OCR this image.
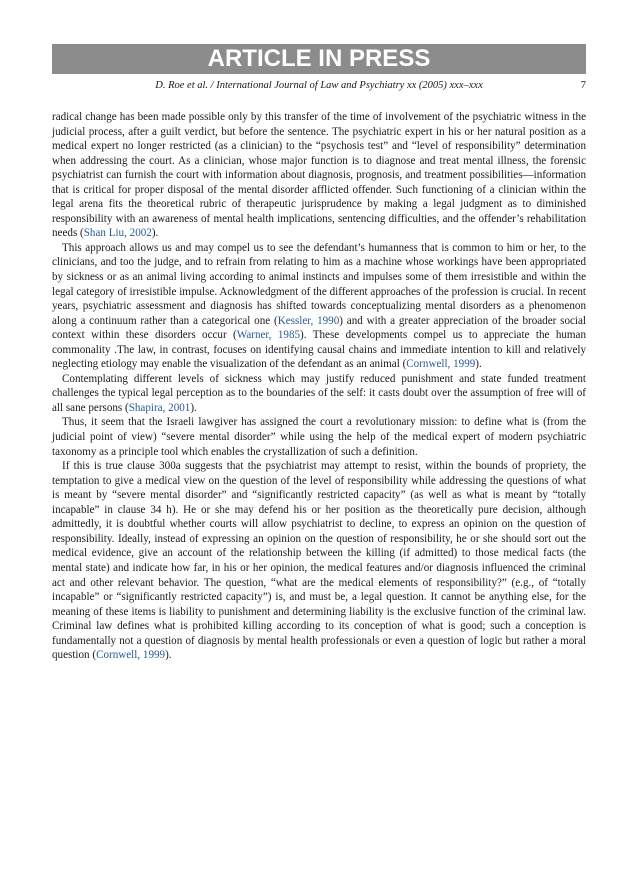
ARTICLE IN PRESS
D. Roe et al. / International Journal of Law and Psychiatry xx (2005) xxx–xxx	7

radical change has been made possible only by this transfer of the time of involvement of the psychiatric witness in the judicial process, after a guilt verdict, but before the sentence. The psychiatric expert in his or her natural position as a medical expert no longer restricted (as a clinician) to the “psychosis test” and “level of responsibility” determination when addressing the court. As a clinician, whose major function is to diagnose and treat mental illness, the forensic psychiatrist can furnish the court with information about diagnosis, prognosis, and treatment possibilities—information that is critical for proper disposal of the mental disorder afflicted offender. Such functioning of a clinician within the legal arena fits the theoretical rubric of therapeutic jurisprudence by making a legal judgment as to diminished responsibility with an awareness of mental health implications, sentencing difficulties, and the offender’s rehabilitation needs (Shan Liu, 2002).

This approach allows us and may compel us to see the defendant’s humanness that is common to him or her, to the clinicians, and too the judge, and to refrain from relating to him as a machine whose workings have been appropriated by sickness or as an animal living according to animal instincts and impulses some of them irresistible and within the legal category of irresistible impulse. Acknowledgment of the different approaches of the profession is crucial. In recent years, psychiatric assessment and diagnosis has shifted towards conceptualizing mental disorders as a phenomenon along a continuum rather than a categorical one (Kessler, 1990) and with a greater appreciation of the broader social context within these disorders occur (Warner, 1985). These developments compel us to appreciate the human commonality .The law, in contrast, focuses on identifying causal chains and immediate intention to kill and relatively neglecting etiology may enable the visualization of the defendant as an animal (Cornwell, 1999).

Contemplating different levels of sickness which may justify reduced punishment and state funded treatment challenges the typical legal perception as to the boundaries of the self: it casts doubt over the assumption of free will of all sane persons (Shapira, 2001).

Thus, it seem that the Israeli lawgiver has assigned the court a revolutionary mission: to define what is (from the judicial point of view) “severe mental disorder” while using the help of the medical expert of modern psychiatric taxonomy as a principle tool which enables the crystallization of such a definition.

If this is true clause 300a suggests that the psychiatrist may attempt to resist, within the bounds of propriety, the temptation to give a medical view on the question of the level of responsibility while addressing the questions of what is meant by “severe mental disorder” and “significantly restricted capacity” (as well as what is meant by “totally incapable” in clause 34 h). He or she may defend his or her position as the theoretically pure decision, although admittedly, it is doubtful whether courts will allow psychiatrist to decline, to express an opinion on the question of responsibility. Ideally, instead of expressing an opinion on the question of responsibility, he or she should sort out the medical evidence, give an account of the relationship between the killing (if admitted) to those medical facts (the mental state) and indicate how far, in his or her opinion, the medical features and/or diagnosis influenced the criminal act and other relevant behavior. The question, “what are the medical elements of responsibility?” (e.g., of “totally incapable” or “significantly restricted capacity”) is, and must be, a legal question. It cannot be anything else, for the meaning of these items is liability to punishment and determining liability is the exclusive function of the criminal law. Criminal law defines what is prohibited killing according to its conception of what is good; such a conception is fundamentally not a question of diagnosis by mental health professionals or even a question of logic but rather a moral question (Cornwell, 1999).
